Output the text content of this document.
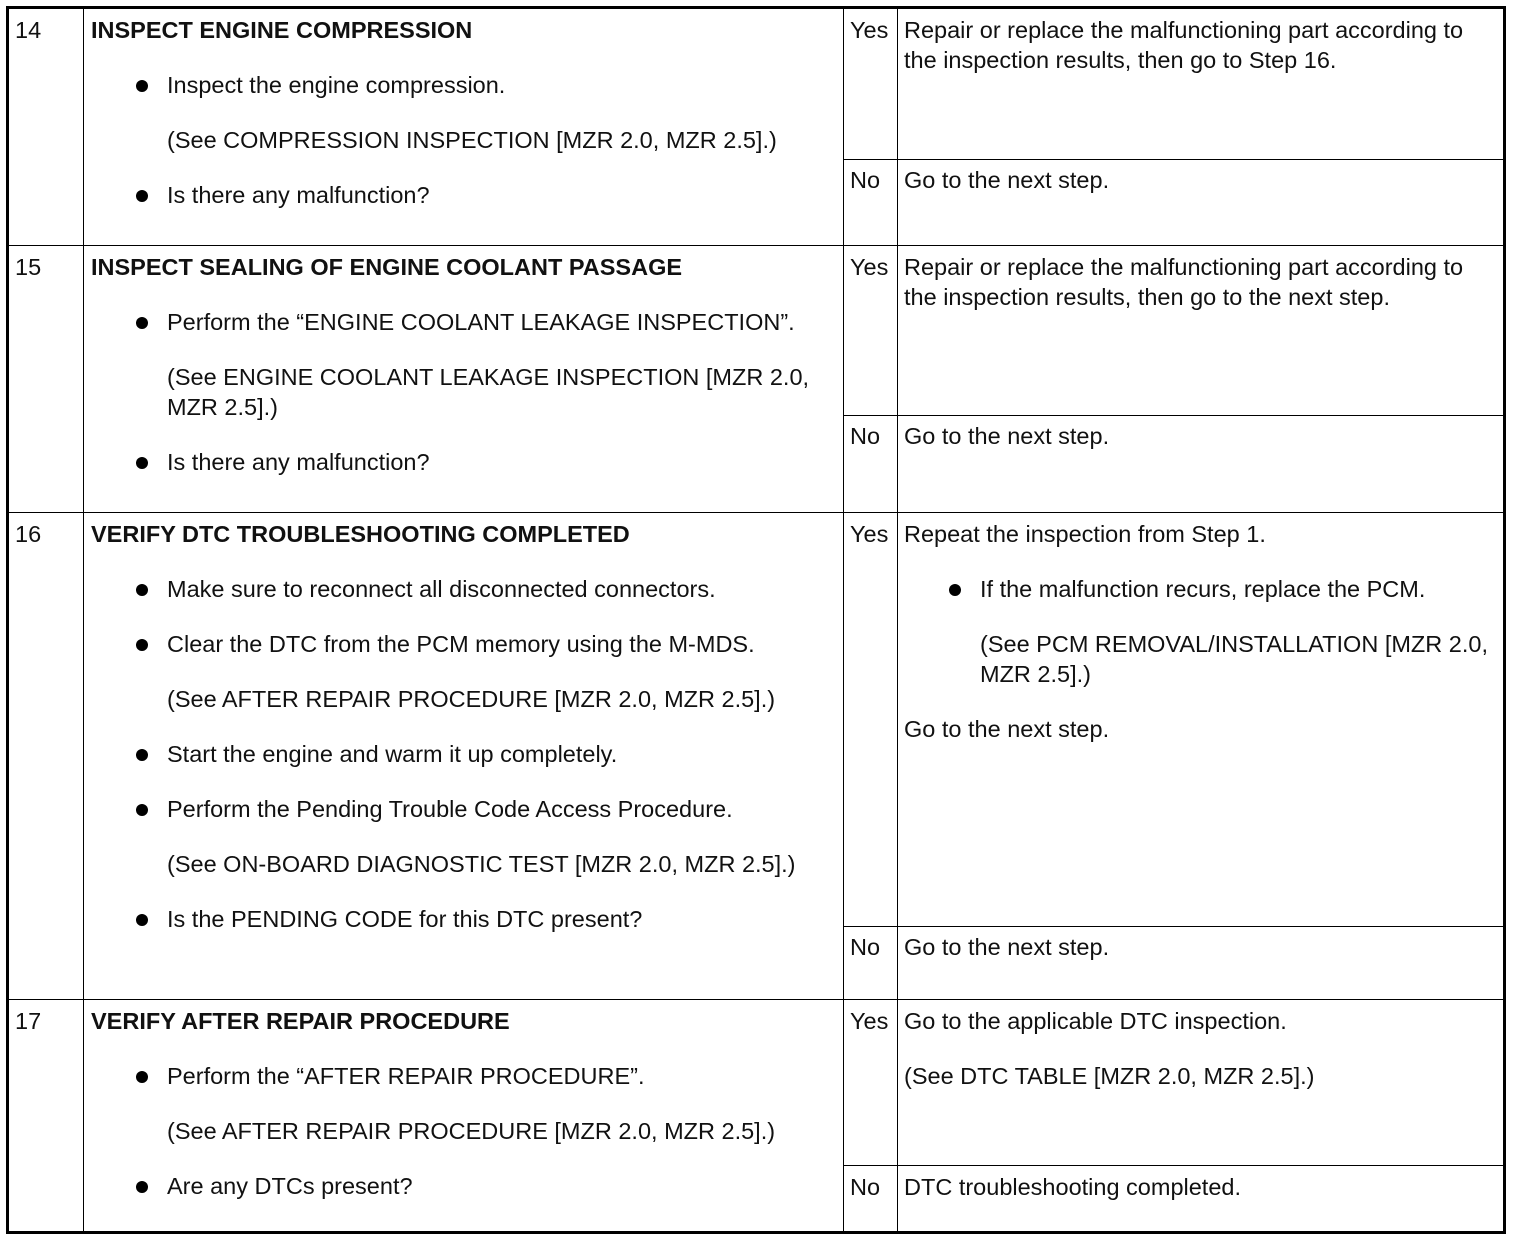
14 INSPECT ENGINE COMPRESSION

Inspect the engine compression.
(See COMPRESSION INSPECTION [MZR 2.0, MZR 2.5].)
Is there any malfunction?
Yes Repair or replace the malfunctioning part according to the inspection results, then go to Step 16.

No Go to the next step.

15 INSPECT SEALING OF ENGINE COOLANT PASSAGE

Perform the “ENGINE COOLANT LEAKAGE INSPECTION”.
(See ENGINE COOLANT LEAKAGE INSPECTION [MZR 2.0, MZR 2.5].)
Is there any malfunction?
Yes Repair or replace the malfunctioning part according to the inspection results, then go to the next step.

No Go to the next step.

16 VERIFY DTC TROUBLESHOOTING COMPLETED

Make sure to reconnect all disconnected connectors.
Clear the DTC from the PCM memory using the M-MDS.
(See AFTER REPAIR PROCEDURE [MZR 2.0, MZR 2.5].)
Start the engine and warm it up completely.
Perform the Pending Trouble Code Access Procedure.
(See ON-BOARD DIAGNOSTIC TEST [MZR 2.0, MZR 2.5].)
Is the PENDING CODE for this DTC present?
Yes Repeat the inspection from Step 1.

If the malfunction recurs, replace the PCM.
(See PCM REMOVAL/INSTALLATION [MZR 2.0, MZR 2.5].)

Go to the next step.

No Go to the next step.

17 VERIFY AFTER REPAIR PROCEDURE

Perform the “AFTER REPAIR PROCEDURE”.
(See AFTER REPAIR PROCEDURE [MZR 2.0, MZR 2.5].)
Are any DTCs present?
Yes Go to the applicable DTC inspection.

(See DTC TABLE [MZR 2.0, MZR 2.5].)

No DTC troubleshooting completed.
